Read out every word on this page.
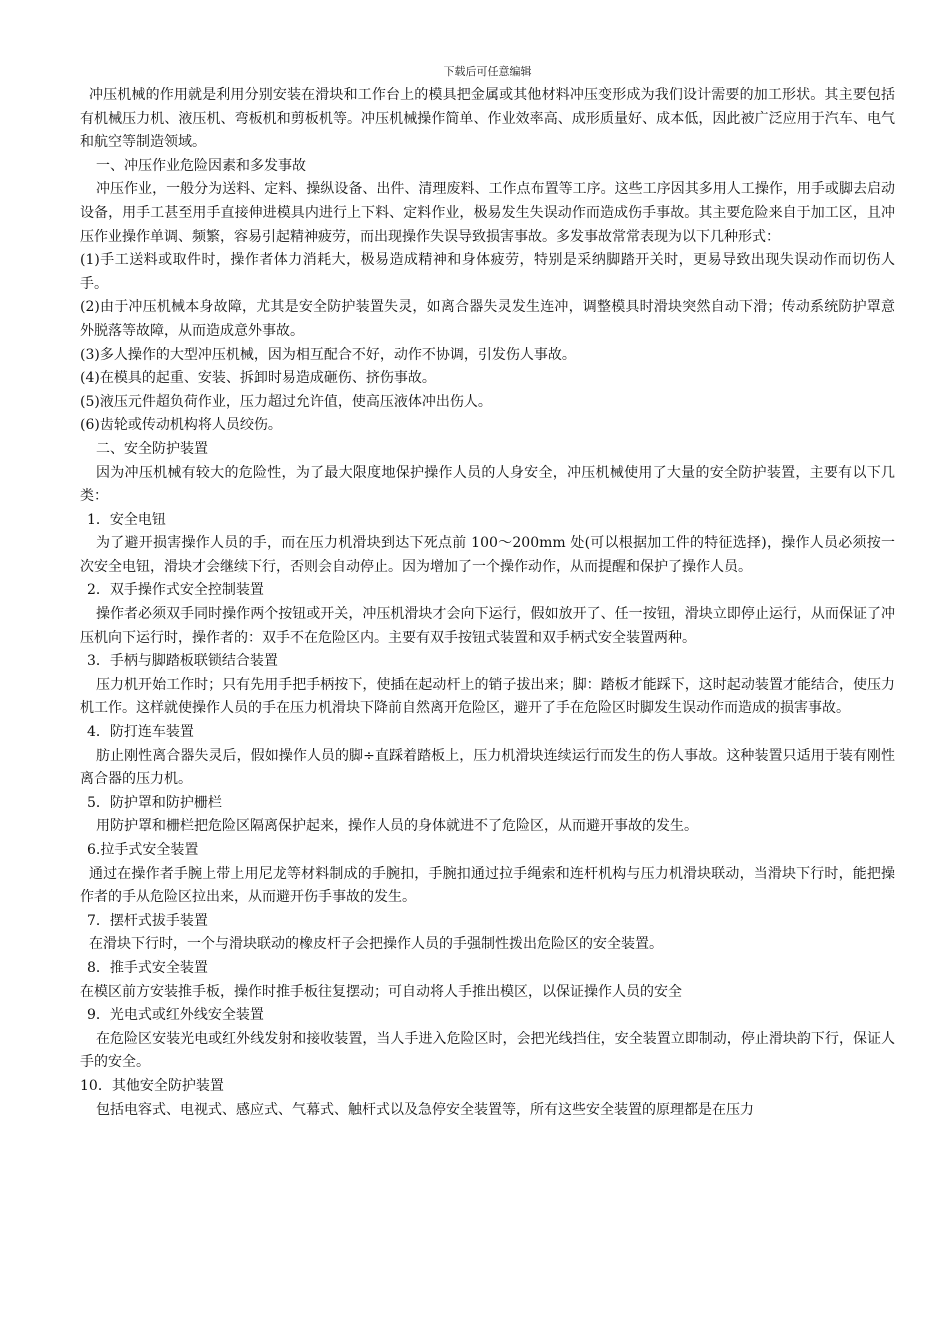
下载后可任意编辑

冲压机械的作用就是利用分别安装在滑块和工作台上的模具把金属或其他材料冲压变形成为我们设计需要的加工形状。其主要包括有机械压力机、液压机、弯板机和剪板机等。冲压机械操作简单、作业效率高、成形质量好、成本低，因此被广泛应用于汽车、电气和航空等制造领域。

一、冲压作业危险因素和多发事故

冲压作业，一般分为送料、定料、操纵设备、出件、清理废料、工作点布置等工序。这些工序因其多用人工操作，用手或脚去启动设备，用手工甚至用手直接伸进模具内进行上下料、定料作业，极易发生失误动作而造成伤手事故。其主要危险来自于加工区，且冲压作业操作单调、频繁，容易引起精神疲劳，而出现操作失误导致损害事故。多发事故常常表现为以下几种形式：

(1)手工送料或取件时，操作者体力消耗大，极易造成精神和身体疲劳，特别是采纳脚踏开关时，更易导致出现失误动作而切伤人手。

(2)由于冲压机械本身故障，尤其是安全防护装置失灵，如离合器失灵发生连冲，调整模具时滑块突然自动下滑；传动系统防护罩意外脱落等故障，从而造成意外事故。

(3)多人操作的大型冲压机械，因为相互配合不好，动作不协调，引发伤人事故。

(4)在模具的起重、安装、拆卸时易造成砸伤、挤伤事故。

(5)液压元件超负荷作业，压力超过允许值，使高压液体冲出伤人。

(6)齿轮或传动机构将人员绞伤。

二、安全防护装置

因为冲压机械有较大的危险性，为了最大限度地保护操作人员的人身安全，冲压机械使用了大量的安全防护装置，主要有以下几类：

1．安全电钮

为了避开损害操作人员的手，而在压力机滑块到达下死点前 100～200mm 处(可以根据加工件的特征选择)，操作人员必须按一次安全电钮，滑块才会继续下行，否则会自动停止。因为增加了一个操作动作，从而提醒和保护了操作人员。

2．双手操作式安全控制装置

操作者必须双手同时操作两个按钮或开关，冲压机滑块才会向下运行，假如放开了、任一按钮，滑块立即停止运行，从而保证了冲压机向下运行时，操作者的：双手不在危险区内。主要有双手按钮式装置和双手柄式安全装置两种。

3．手柄与脚踏板联锁结合装置

压力机开始工作时；只有先用手把手柄按下，使插在起动杆上的销子拔出来；脚：踏板才能踩下，这时起动装置才能结合，使压力机工作。这样就使操作人员的手在压力机滑块下降前自然离开危险区，避开了手在危险区时脚发生误动作而造成的损害事故。

4．防打连车装置

肪止刚性离合器失灵后，假如操作人员的脚÷直踩着踏板上，压力机滑块连续运行而发生的伤人事故。这种装置只适用于装有刚性离合器的压力机。

5．防护罩和防护栅栏

用防护罩和栅栏把危险区隔离保护起来，操作人员的身体就进不了危险区，从而避开事故的发生。

6.拉手式安全装置

通过在操作者手腕上带上用尼龙等材料制成的手腕扣，手腕扣通过拉手绳索和连杆机构与压力机滑块联动，当滑块下行时，能把操作者的手从危险区拉出来，从而避开伤手事故的发生。

7．摆杆式拔手装置

在滑块下行时，一个与滑块联动的橡皮杆子会把操作人员的手强制性拨出危险区的安全装置。

8．推手式安全装置

在模区前方安装推手板，操作时推手板往复摆动；可自动将人手推出模区，以保证操作人员的安全

9．光电式或红外线安全装置

在危险区安装光电或红外线发射和接收装置，当人手进入危险区时，会把光线挡住，安全装置立即制动，停止滑块韵下行，保证人手的安全。

10．其他安全防护装置

包括电容式、电视式、感应式、气幕式、触杆式以及急停安全装置等，所有这些安全装置的原理都是在压力
